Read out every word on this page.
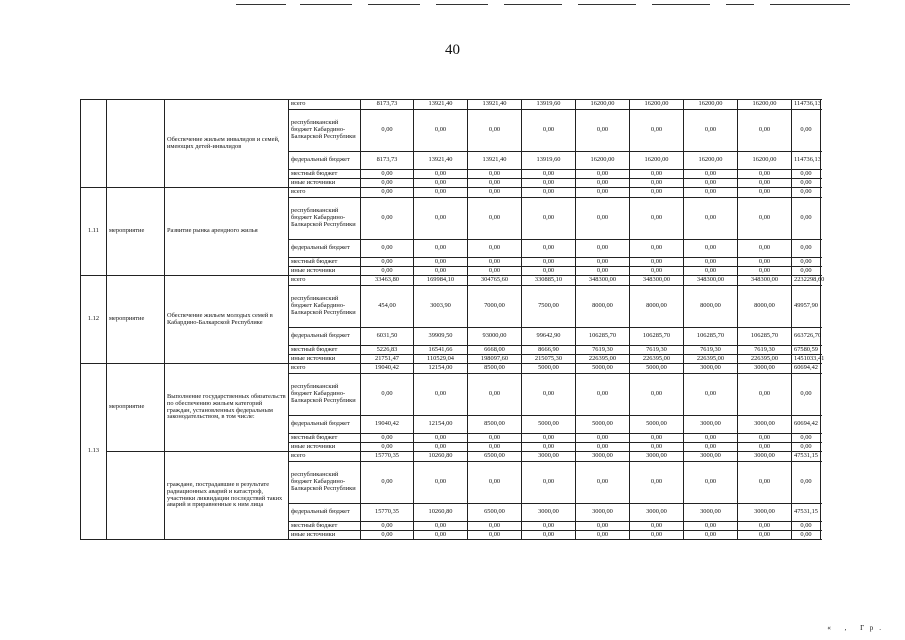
40
		Обеспечение жильем инвалидов и семей, имеющих детей-инвалидов	всего	8173,73	13921,40	13921,40	13919,60	16200,00	16200,00	16200,00	16200,00	114736,13
			республиканский бюджет Кабардино-Балкарской Республики	0,00	0,00	0,00	0,00	0,00	0,00	0,00	0,00	0,00
			федеральный бюджет	8173,73	13921,40	13921,40	13919,60	16200,00	16200,00	16200,00	16200,00	114736,13
			местный бюджет	0,00	0,00	0,00	0,00	0,00	0,00	0,00	0,00	0,00
			иные источники	0,00	0,00	0,00	0,00	0,00	0,00	0,00	0,00	0,00
1.11	мероприятие	Развитие рынка арендного жилья	всего	0,00	0,00	0,00	0,00	0,00	0,00	0,00	0,00	0,00
			республиканский бюджет Кабардино-Балкарской Республики	0,00	0,00	0,00	0,00	0,00	0,00	0,00	0,00	0,00
			федеральный бюджет	0,00	0,00	0,00	0,00	0,00	0,00	0,00	0,00	0,00
			местный бюджет	0,00	0,00	0,00	0,00	0,00	0,00	0,00	0,00	0,00
			иные источники	0,00	0,00	0,00	0,00	0,00	0,00	0,00	0,00	0,00
1.12	мероприятие	Обеспечение жильем молодых семей в Кабардино-Балкарской Республике	всего	33463,80	169984,10	304765,60	330885,10	348300,00	348300,00	348300,00	348300,00	2232298,60
			республиканский бюджет Кабардино-Балкарской Республики	454,00	3003,90	7000,00	7500,00	8000,00	8000,00	8000,00	8000,00	49957,90
			федеральный бюджет	6031,50	39909,50	93000,00	99642,90	106285,70	106285,70	106285,70	106285,70	663726,70
			местный бюджет	5226,83	16541,66	6668,00	8666,90	7619,30	7619,30	7619,30	7619,30	67580,59
			иные источники	21751,47	110529,04	198097,60	215075,30	226395,00	226395,00	226395,00	226395,00	1451033,41
1.13	мероприятие	Выполнение государственных обязательств по обеспечению жильем категорий граждан, установленных федеральным законодательством, в том числе:	всего	19040,42	12154,00	8500,00	5000,00	5000,00	5000,00	3000,00	3000,00	60694,42
			республиканский бюджет Кабардино-Балкарской Республики	0,00	0,00	0,00	0,00	0,00	0,00	0,00	0,00	0,00
			федеральный бюджет	19040,42	12154,00	8500,00	5000,00	5000,00	5000,00	3000,00	3000,00	60694,42
			местный бюджет	0,00	0,00	0,00	0,00	0,00	0,00	0,00	0,00	0,00
			иные источники	0,00	0,00	0,00	0,00	0,00	0,00	0,00	0,00	0,00
		граждане, пострадавшие в результате радиационных аварий и катастроф, участники ликвидации последствий таких аварий и приравненные к ним лица	всего	15770,35	10260,80	6500,00	3000,00	3000,00	3000,00	3000,00	3000,00	47531,15
			республиканский бюджет Кабардино-Балкарской Республики	0,00	0,00	0,00	0,00	0,00	0,00	0,00	0,00	0,00
			федеральный бюджет	15770,35	10260,80	6500,00	3000,00	3000,00	3000,00	3000,00	3000,00	47531,15
			местный бюджет	0,00	0,00	0,00	0,00	0,00	0,00	0,00	0,00	0,00
			иные источники	0,00	0,00	0,00	0,00	0,00	0,00	0,00	0,00	0,00
« , Гр.
